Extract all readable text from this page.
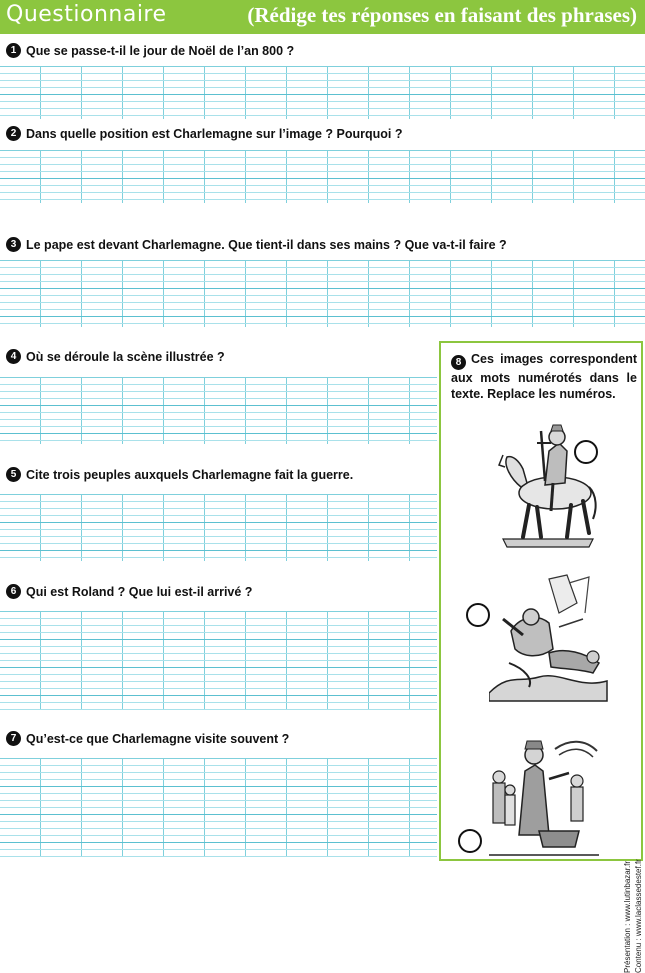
Questionnaire	(Rédige tes réponses en faisant des phrases)
1 Que se passe-t-il le jour de Noël de l’an 800 ?
2 Dans quelle position est Charlemagne sur l’image ? Pourquoi ?
3 Le pape est devant Charlemagne. Que tient-il dans ses mains ? Que va-t-il faire ?
4 Où se déroule la scène illustrée ?
5 Cite trois peuples auxquels Charlemagne fait la guerre.
6 Qui est Roland ? Que lui est-il arrivé ?
7 Qu’est-ce que Charlemagne visite souvent ?
8 Ces images correspondent aux mots numérotés dans le texte. Replace les numéros.
Présentation : www.lutinbazar.fr Contenu : www.laclassedestef.fr
